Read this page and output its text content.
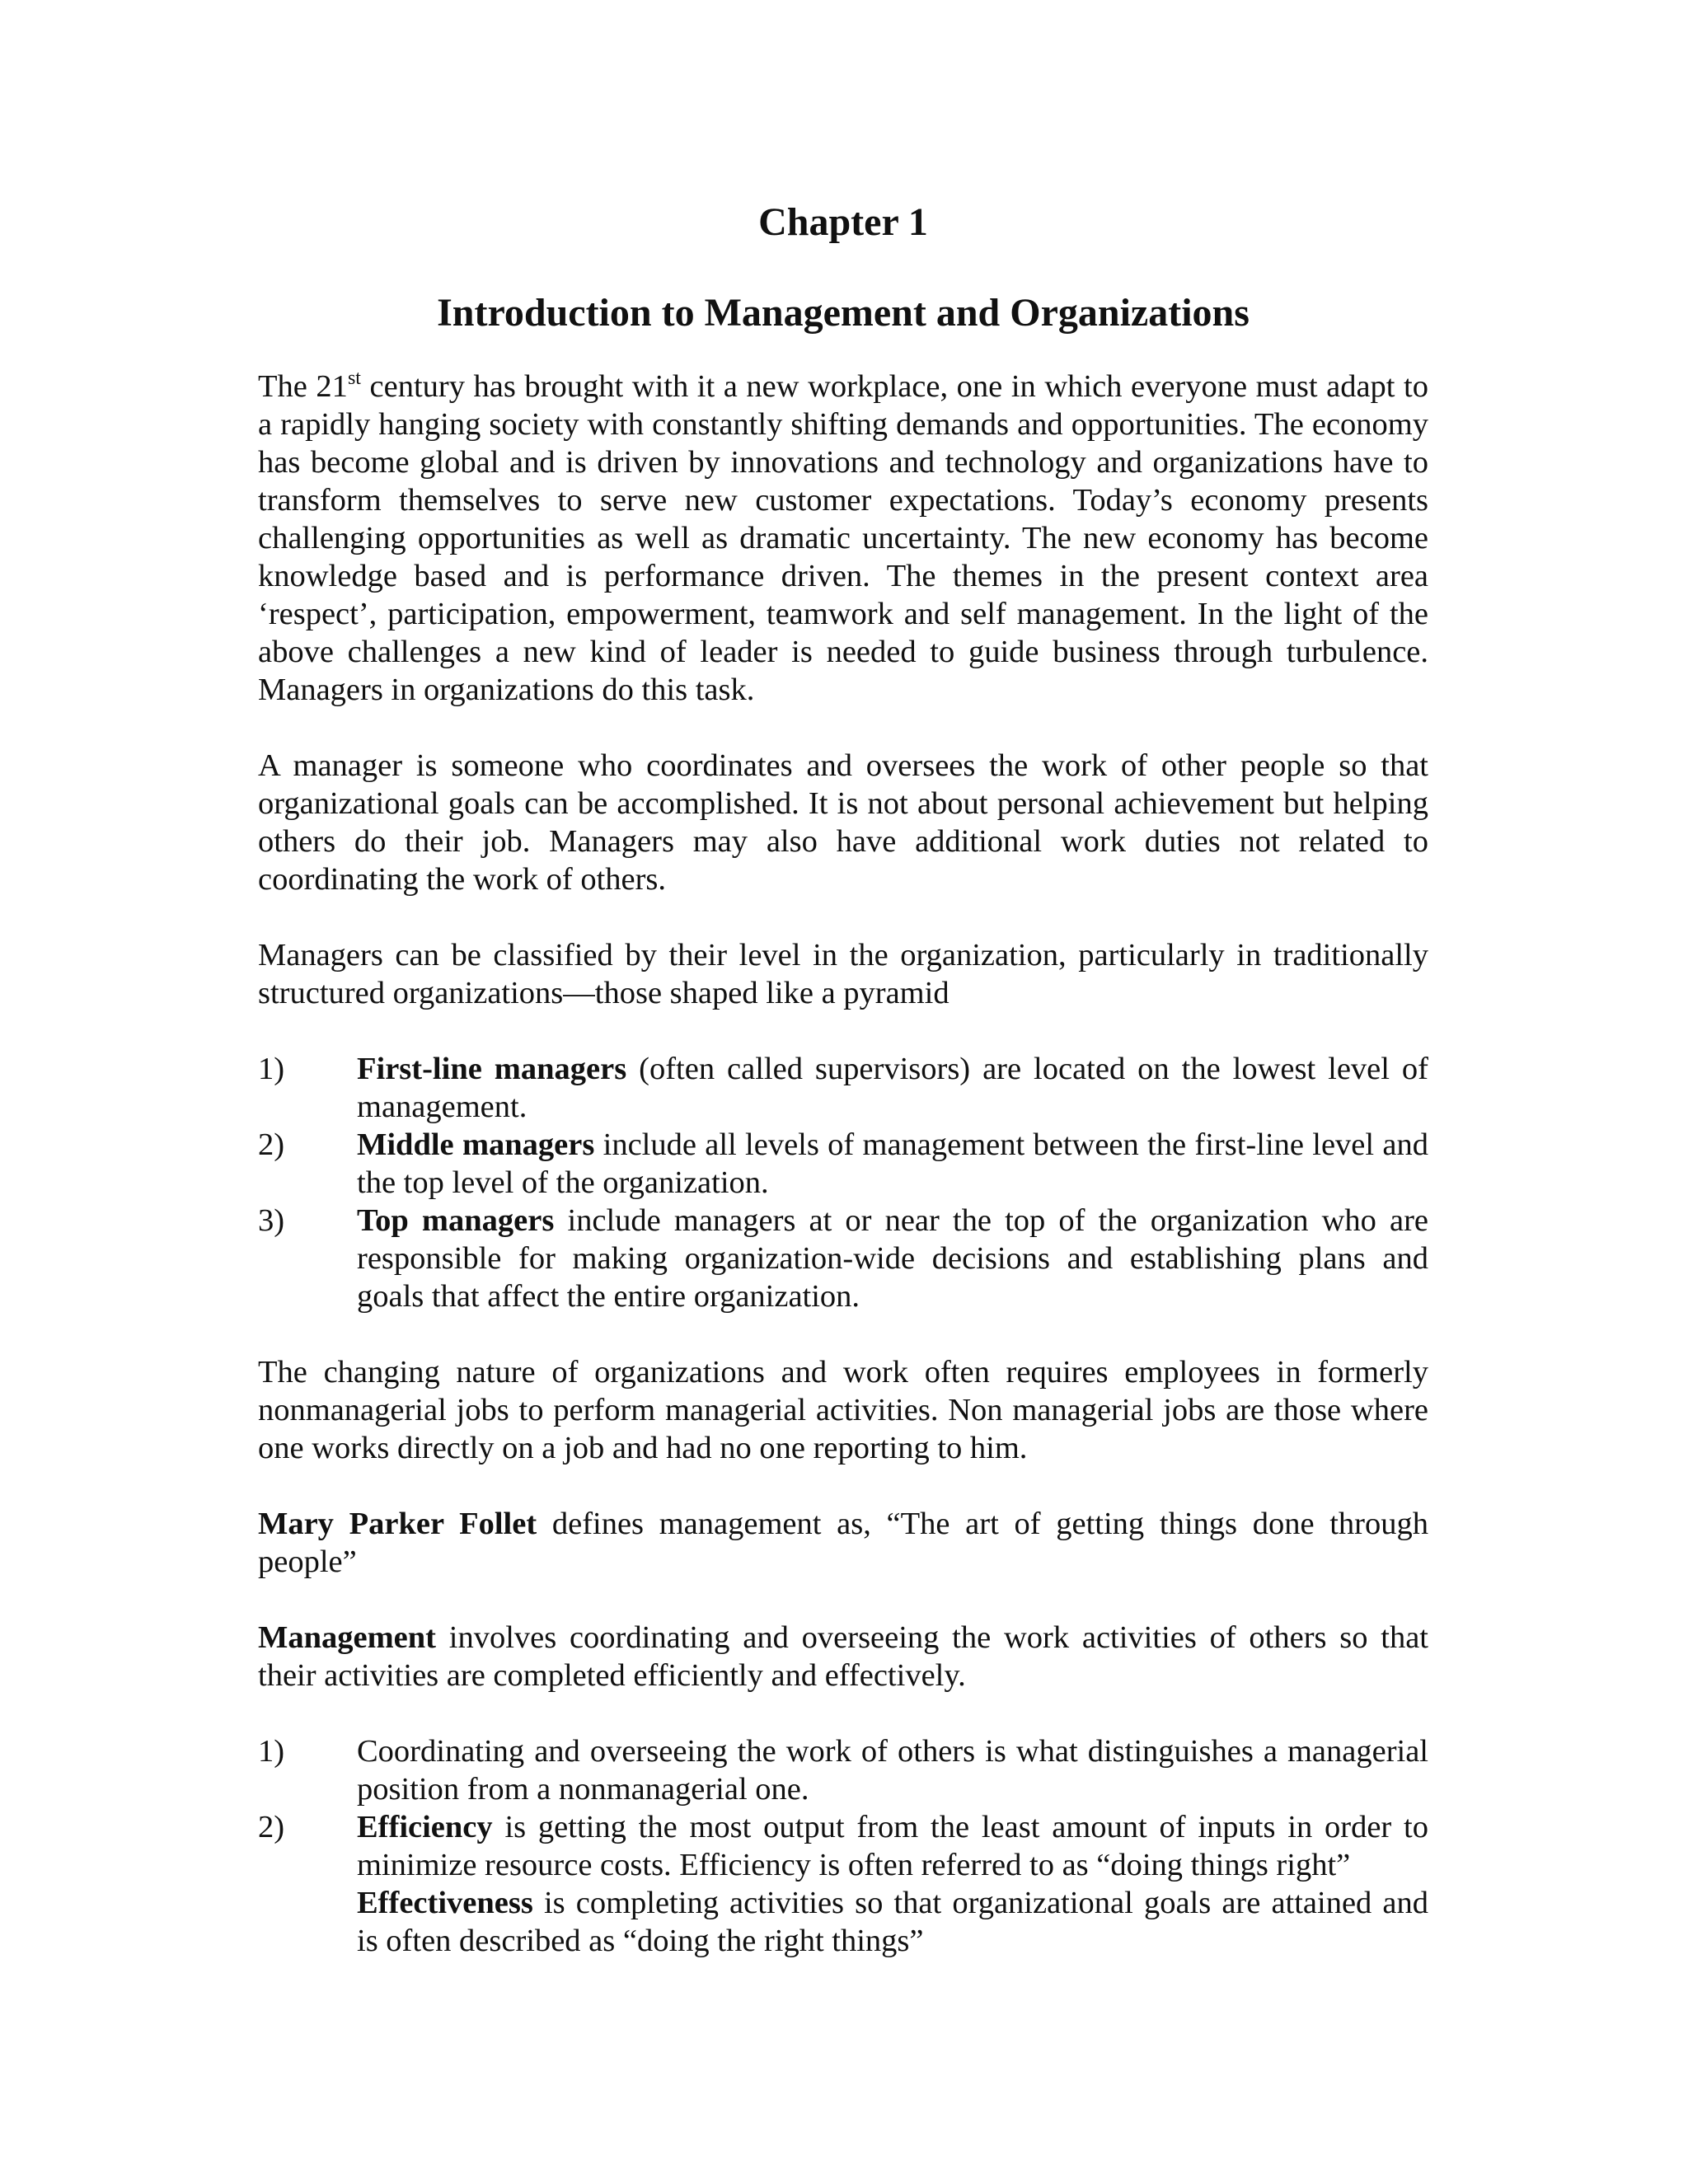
Chapter 1
Introduction to Management and Organizations

The 21st century has brought with it a new workplace, one in which everyone must adapt to a rapidly hanging society with constantly shifting demands and opportunities. The economy has become global and is driven by innovations and technology and organizations have to transform themselves to serve new customer expectations. Today’s economy presents challenging opportunities as well as dramatic uncertainty. The new economy has become knowledge based and is performance driven. The themes in the present context area ‘respect’, participation, empowerment, teamwork and self management. In the light of the above challenges a new kind of leader is needed to guide business through turbulence. Managers in organizations do this task.

A manager is someone who coordinates and oversees the work of other people so that organizational goals can be accomplished. It is not about personal achievement but helping others do their job. Managers may also have additional work duties not related to coordinating the work of others.

Managers can be classified by their level in the organization, particularly in traditionally structured organizations—those shaped like a pyramid

1)	First-line managers (often called supervisors) are located on the lowest level of management.
2)	Middle managers include all levels of management between the first-line level and the top level of the organization.
3)	Top managers include managers at or near the top of the organization who are responsible for making organization-wide decisions and establishing plans and goals that affect the entire organization.

The changing nature of organizations and work often requires employees in formerly nonmanagerial jobs to perform managerial activities. Non managerial jobs are those where one works directly on a job and had no one reporting to him.

Mary Parker Follet defines management as, “The art of getting things done through people”

Management involves coordinating and overseeing the work activities of others so that their activities are completed efficiently and effectively.

1)	Coordinating and overseeing the work of others is what distinguishes a managerial position from a nonmanagerial one.
2)	Efficiency is getting the most output from the least amount of inputs in order to minimize resource costs. Efficiency is often referred to as “doing things right”
Effectiveness is completing activities so that organizational goals are attained and is often described as “doing the right things”
